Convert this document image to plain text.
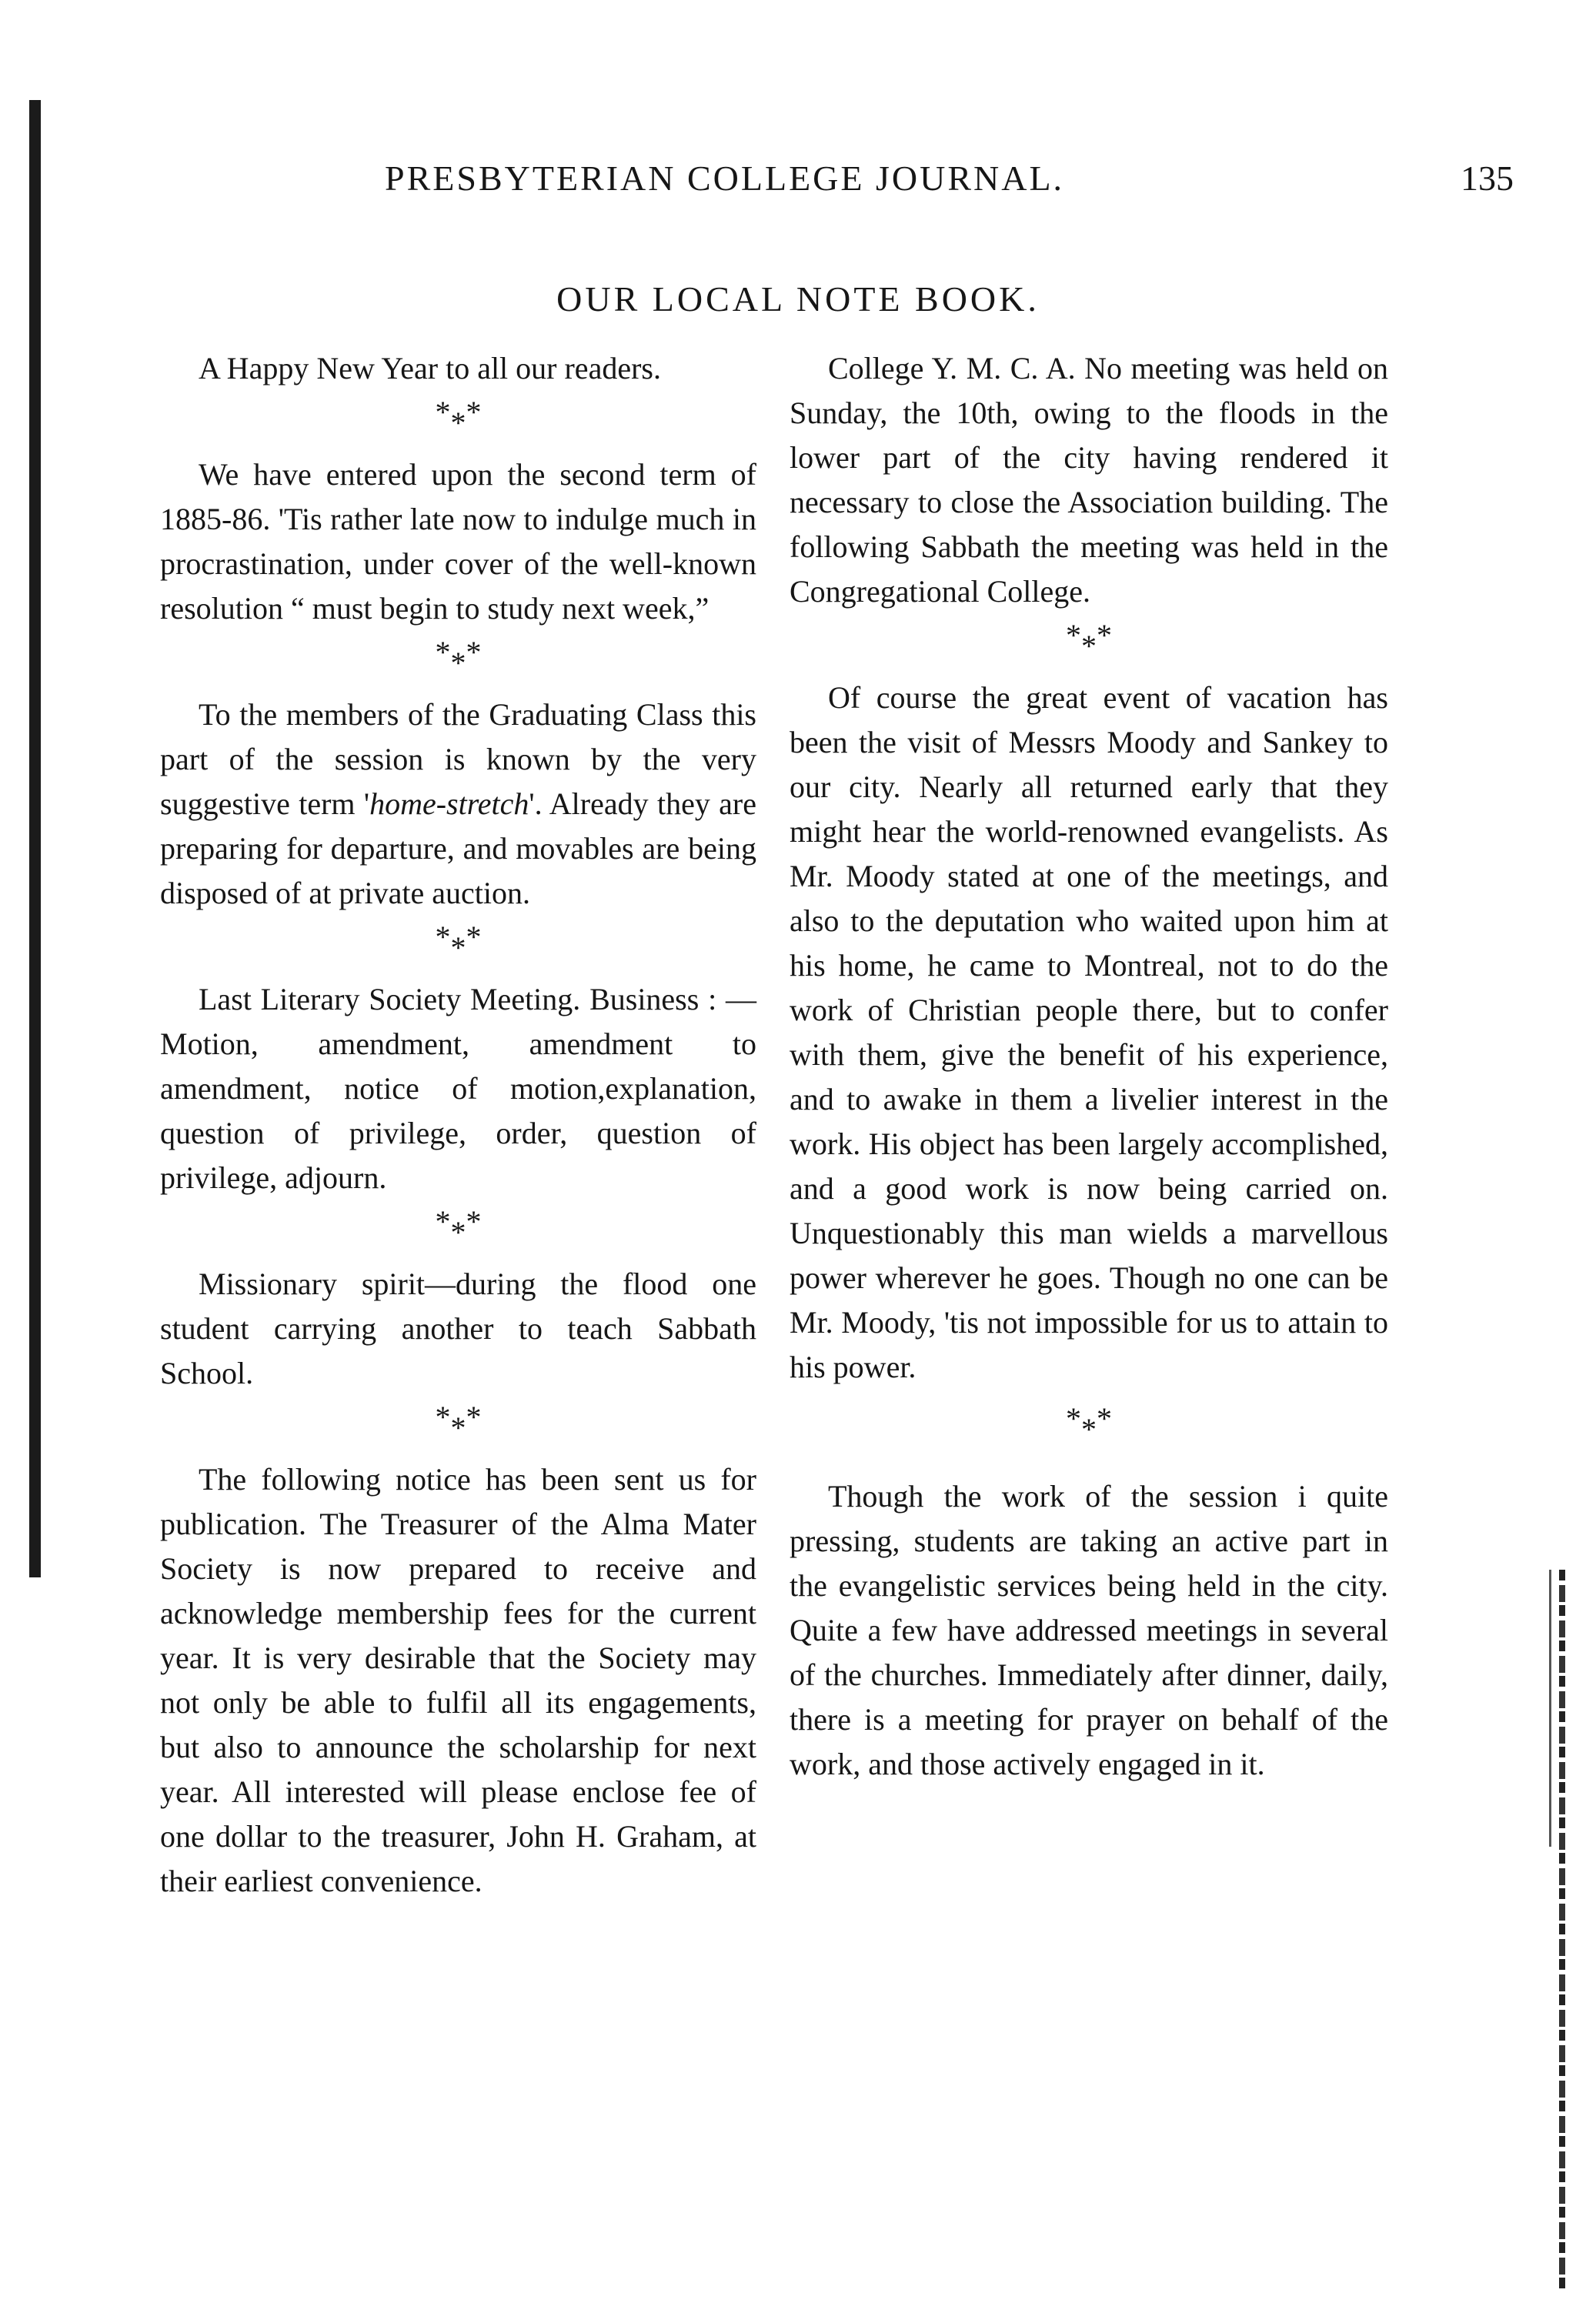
PRESBYTERIAN COLLEGE JOURNAL.	135
OUR LOCAL NOTE BOOK.

A Happy New Year to all our readers.

***

We have entered upon the second term of 1885-86. 'Tis rather late now to indulge much in procrastination, under cover of the well-known resolution “ must begin to study next week,”

***

To the members of the Graduating Class this part of the session is known by the very suggestive term 'home-stretch'. Already they are preparing for departure, and movables are being disposed of at private auction.

***

Last Literary Society Meeting. Business : — Motion, amendment, amendment to amendment, notice of motion,explanation, question of privilege, order, question of privilege, adjourn.

***

Missionary spirit—during the flood one student carrying another to teach Sabbath School.

***

The following notice has been sent us for publication. The Treasurer of the Alma Mater Society is now prepared to receive and acknowledge membership fees for the current year. It is very desirable that the Society may not only be able to fulfil all its engagements, but also to announce the scholarship for next year. All interested will please enclose fee of one dollar to the treasurer, John H. Graham, at their earliest convenience.

College Y. M. C. A. No meeting was held on Sunday, the 10th, owing to the floods in the lower part of the city having rendered it necessary to close the Association building. The following Sabbath the meeting was held in the Congregational College.

***

Of course the great event of vacation has been the visit of Messrs Moody and Sankey to our city. Nearly all returned early that they might hear the world-renowned evangelists. As Mr. Moody stated at one of the meetings, and also to the deputation who waited upon him at his home, he came to Montreal, not to do the work of Christian people there, but to confer with them, give the benefit of his experience, and to awake in them a livelier interest in the work. His object has been largely accomplished, and a good work is now being carried on. Unquestionably this man wields a marvellous power wherever he goes. Though no one can be Mr. Moody, 'tis not impossible for us to attain to his power.

***

Though the work of the session i quite pressing, students are taking an active part in the evangelistic services being held in the city. Quite a few have addressed meetings in several of the churches. Immediately after dinner, daily, there is a meeting for prayer on behalf of the work, and those actively engaged in it.
